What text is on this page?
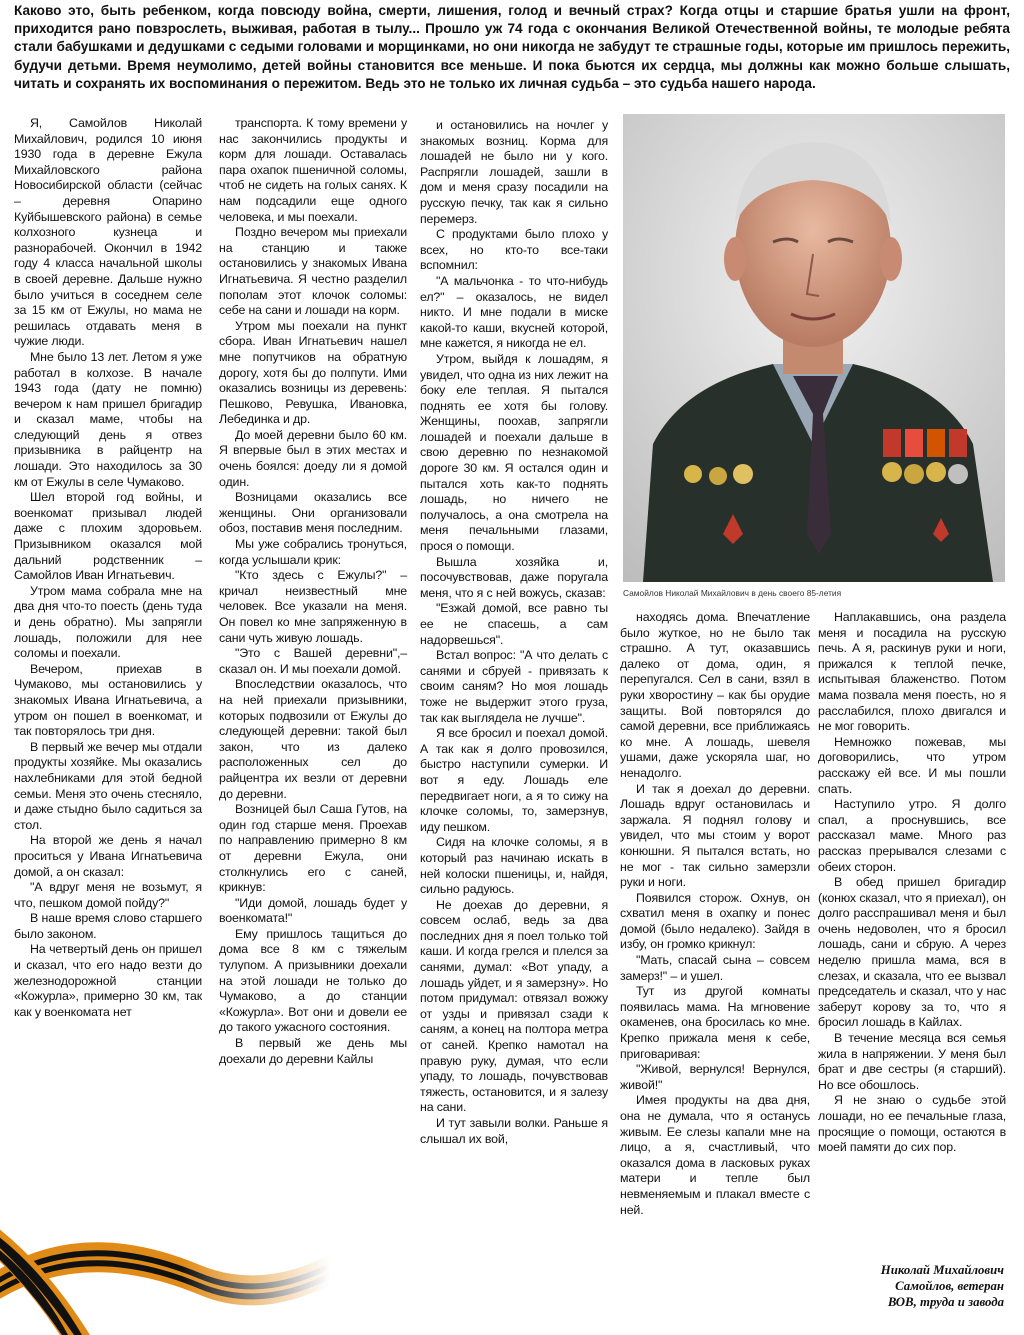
Каково это, быть ребенком, когда повсюду война, смерти, лишения, голод и вечный страх? Когда отцы и старшие братья ушли на фронт, приходится рано повзрослеть, выживая, работая в тылу... Прошло уж 74 года с окончания Великой Отечественной войны, те молодые ребята стали бабушками и дедушками с седыми головами и морщинками, но они никогда не забудут те страшные годы, которые им пришлось пережить, будучи детьми. Время неумолимо, детей войны становится все меньше. И пока бьются их сердца, мы должны как можно больше слышать, читать и сохранять их воспоминания о пережитом. Ведь это не только их личная судьба – это судьба нашего народа.

Я, Самойлов Николай Михайлович, родился 10 июня 1930 года в деревне Ежула Михайловского района Новосибирской области (сейчас – деревня Опарино Куйбышевского района) в семье колхозного кузнеца и разнорабочей. Окончил в 1942 году 4 класса начальной школы в своей деревне. Дальше нужно было учиться в соседнем селе за 15 км от Ежулы, но мама не решилась отдавать меня в чужие люди.

Мне было 13 лет. Летом я уже работал в колхозе. В начале 1943 года (дату не помню) вечером к нам пришел бригадир и сказал маме, чтобы на следующий день я отвез призывника в райцентр на лошади. Это находилось за 30 км от Ежулы в селе Чумаково.

Шел второй год войны, и военкомат призывал людей даже с плохим здоровьем. Призывником оказался мой дальний родственник – Самойлов Иван Игнатьевич.

Утром мама собрала мне на два дня что-то поесть (день туда и день обратно). Мы запрягли лошадь, положили для нее соломы и поехали.

Вечером, приехав в Чумаково, мы остановились у знакомых Ивана Игнатьевича, а утром он пошел в военкомат, и так повторялось три дня.

В первый же вечер мы отдали продукты хозяйке. Мы оказались нахлебниками для этой бедной семьи. Меня это очень стесняло, и даже стыдно было садиться за стол.

На второй же день я начал проситься у Ивана Игнатьевича домой, а он сказал:

"А вдруг меня не возьмут, я что, пешком домой пойду?"

В наше время слово старшего было законом.

На четвертый день он пришел и сказал, что его надо везти до железнодорожной станции «Кожурла», примерно 30 км, так как у военкомата нет

транспорта. К тому времени у нас закончились продукты и корм для лошади. Оставалась пара охапок пшеничной соломы, чтоб не сидеть на голых санях. К нам подсадили еще одного человека, и мы поехали.

Поздно вечером мы приехали на станцию и также остановились у знакомых Ивана Игнатьевича. Я честно разделил пополам этот клочок соломы: себе на сани и лошади на корм.

Утром мы поехали на пункт сбора. Иван Игнатьевич нашел мне попутчиков на обратную дорогу, хотя бы до полпути. Ими оказались возницы из деревень: Пешково, Ревушка, Ивановка, Лебединка и др.

До моей деревни было 60 км. Я впервые был в этих местах и очень боялся: доеду ли я домой один.

Возницами оказались все женщины. Они организовали обоз, поставив меня последним.

Мы уже собрались тронуться, когда услышали крик:

"Кто здесь с Ежулы?" – кричал неизвестный мне человек. Все указали на меня. Он повел ко мне запряженную в сани чуть живую лошадь.

"Это с Вашей деревни",– сказал он. И мы поехали домой.

Впоследствии оказалось, что на ней приехали призывники, которых подвозили от Ежулы до следующей деревни: такой был закон, что из далеко расположенных сел до райцентра их везли от деревни до деревни.

Возницей был Саша Гутов, на один год старше меня. Проехав по направлению примерно 8 км от деревни Ежула, они столкнулись его с саней, крикнув:

"Иди домой, лошадь будет у военкомата!"

Ему пришлось тащиться до дома все 8 км с тяжелым тулупом. А призывники доехали на этой лошади не только до Чумаково, а до станции «Кожурла». Вот они и довели ее до такого ужасного состояния.

В первый же день мы доехали до деревни Кайлы

и остановились на ночлег у знакомых возниц. Корма для лошадей не было ни у кого. Распрягли лошадей, зашли в дом и меня сразу посадили на русскую печку, так как я сильно перемерз.

С продуктами было плохо у всех, но кто-то все-таки вспомнил:

"А мальчонка - то что-нибудь ел?" – оказалось, не видел никто. И мне подали в миске какой-то каши, вкусней которой, мне кажется, я никогда не ел.

Утром, выйдя к лошадям, я увидел, что одна из них лежит на боку еле теплая. Я пытался поднять ее хотя бы голову. Женщины, поохав, запрягли лошадей и поехали дальше в свою деревню по незнакомой дороге 30 км. Я остался один и пытался хоть как-то поднять лошадь, но ничего не получалось, а она смотрела на меня печальными глазами, прося о помощи.

Вышла хозяйка и, посочувствовав, даже поругала меня, что я с ней вожусь, сказав:

"Езжай домой, все равно ты ее не спасешь, а сам надорвешься".

Встал вопрос: "А что делать с санями и сбруей - привязать к своим саням? Но моя лошадь тоже не выдержит этого груза, так как выглядела не лучше".

Я все бросил и поехал домой. А так как я долго провозился, быстро наступили сумерки. И вот я еду. Лошадь еле передвигает ноги, а я то сижу на клочке соломы, то, замерзнув, иду пешком.

Сидя на клочке соломы, я в который раз начинаю искать в ней колоски пшеницы, и, найдя, сильно радуюсь.

Не доехав до деревни, я совсем ослаб, ведь за два последних дня я поел только той каши. И когда грелся и плелся за санями, думал: «Вот упаду, а лошадь уйдет, и я замерзну». Но потом придумал: отвязал вожжу от узды и привязал сзади к саням, а конец на полтора метра от саней. Крепко намотал на правую руку, думая, что если упаду, то лошадь, почувствовав тяжесть, остановится, и я залезу на сани.

И тут завыли волки. Раньше я слышал их вой,

Самойлов Николай Михайлович в день своего 85-летия

находясь дома. Впечатление было жуткое, но не было так страшно. А тут, оказавшись далеко от дома, один, я перепугался. Сел в сани, взял в руки хворостину – как бы орудие защиты. Вой повторялся до самой деревни, все приближаясь ко мне. А лошадь, шевеля ушами, даже ускоряла шаг, но ненадолго.

И так я доехал до деревни. Лошадь вдруг остановилась и заржала. Я поднял голову и увидел, что мы стоим у ворот конюшни. Я пытался встать, но не мог - так сильно замерзли руки и ноги.

Появился сторож. Охнув, он схватил меня в охапку и понес домой (было недалеко). Зайдя в избу, он громко крикнул:

"Мать, спасай сына – совсем замерз!" – и ушел.

Тут из другой комнаты появилась мама. На мгновение окаменев, она бросилась ко мне. Крепко прижала меня к себе, приговаривая:

"Живой, вернулся! Вернулся, живой!"

Имея продукты на два дня, она не думала, что я останусь живым. Ее слезы капали мне на лицо, а я, счастливый, что оказался дома в ласковых руках матери и тепле был невменяемым и плакал вместе с ней.

Наплакавшись, она раздела меня и посадила на русскую печь. А я, раскинув руки и ноги, прижался к теплой печке, испытывая блаженство. Потом мама позвала меня поесть, но я расслабился, плохо двигался и не мог говорить.

Немножко пожевав, мы договорились, что утром расскажу ей все. И мы пошли спать.

Наступило утро. Я долго спал, а проснувшись, все рассказал маме. Много раз рассказ прерывался слезами с обеих сторон.

В обед пришел бригадир (конюх сказал, что я приехал), он долго расспрашивал меня и был очень недоволен, что я бросил лошадь, сани и сбрую. А через неделю пришла мама, вся в слезах, и сказала, что ее вызвал председатель и сказал, что у нас заберут корову за то, что я бросил лошадь в Кайлах.

В течение месяца вся семья жила в напряжении. У меня был брат и две сестры (я старший). Но все обошлось.

Я не знаю о судьбе этой лошади, но ее печальные глаза, просящие о помощи, остаются в моей памяти до сих пор.

Николай Михайлович
Самойлов, ветеран
ВОВ, труда и завода
